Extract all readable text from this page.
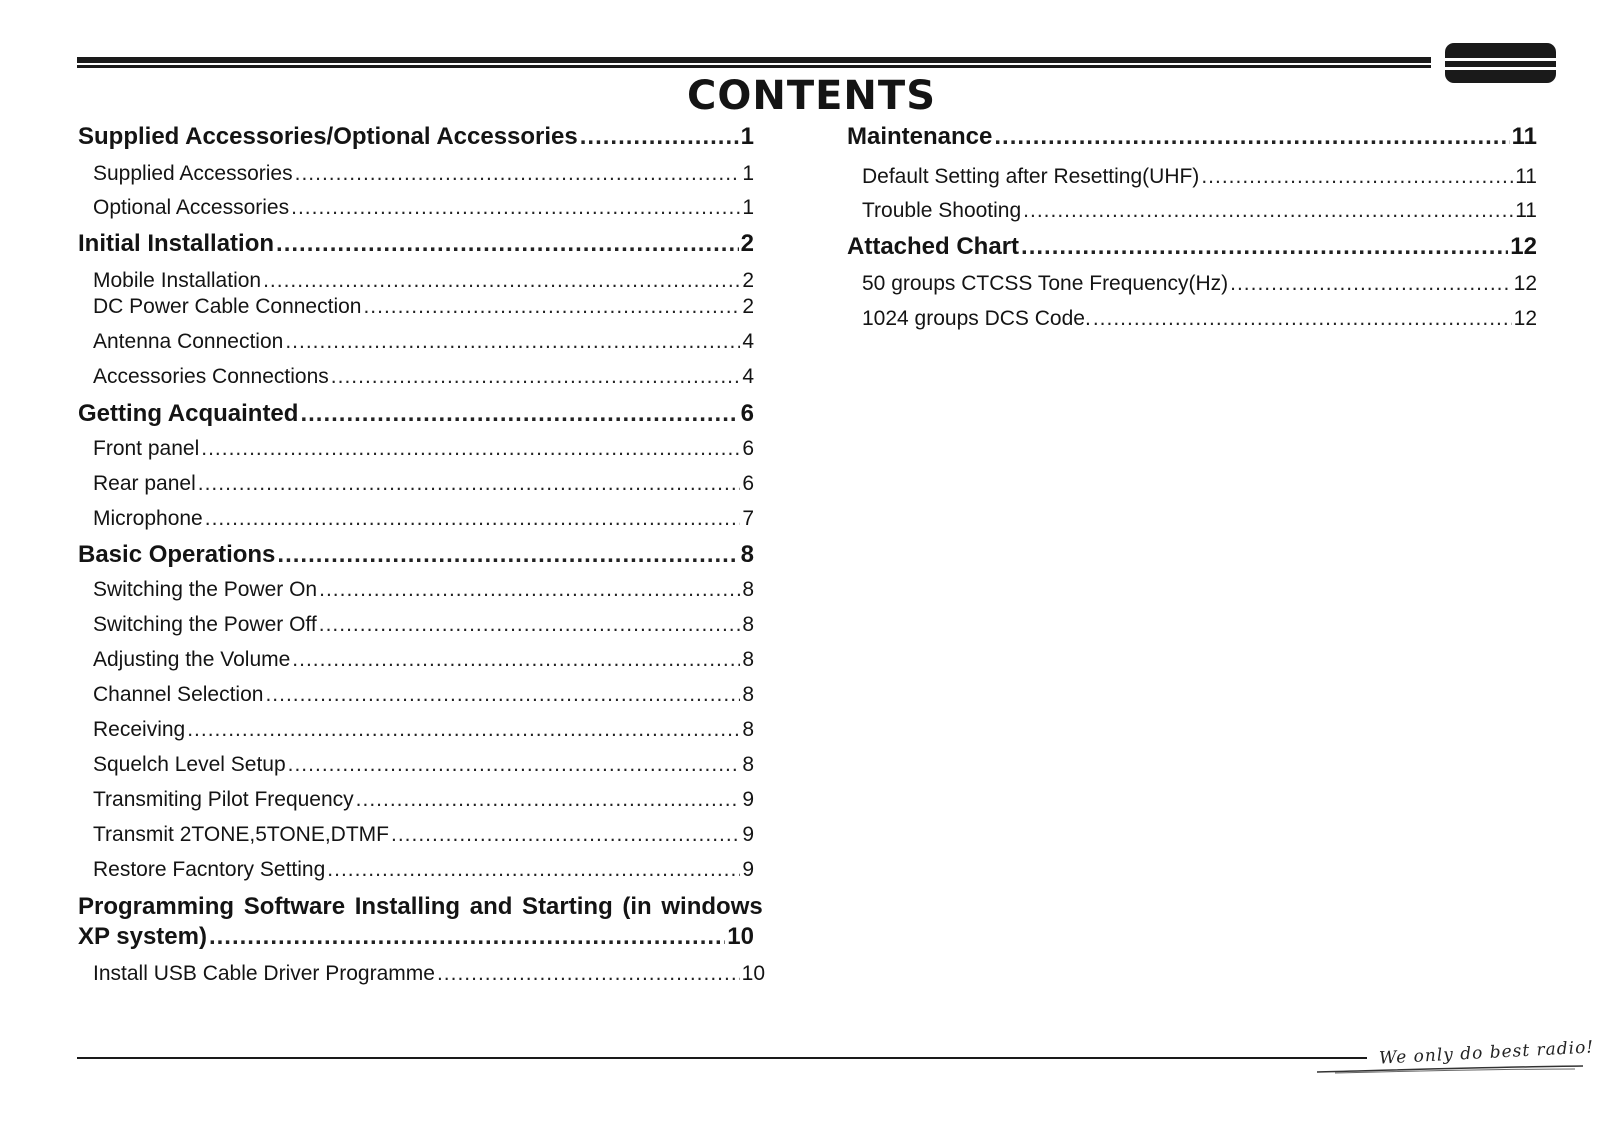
CONTENTS
Supplied Accessories/Optional Accessories .....	1
Supplied Accessories .....	1
Optional Accessories .....	1
Initial Installation .....	2
Mobile Installation .....	2
DC Power Cable Connection .....	2
Antenna Connection .....	4
Accessories Connections .....	4
Getting Acquainted .....	6
Front panel .....	6
Rear panel .....	6
Microphone .....	7
Basic Operations .....	8
Switching the Power On .....	8
Switching the Power Off .....	8
Adjusting the Volume .....	8
Channel Selection .....	8
Receiving .....	8
Squelch Level Setup .....	8
Transmiting Pilot Frequency .....	9
Transmit 2TONE,5TONE,DTMF .....	9
Restore Facntory Setting .....	9
Programming Software Installing and Starting (in windows
XP system) .....	10
Install USB Cable Driver Programme .....	10
Maintenance .....	11
Default Setting after Resetting(UHF) .....	11
Trouble Shooting .....	11
Attached Chart .....	12
50 groups CTCSS Tone Frequency(Hz) .....	12
1024 groups DCS Code. .....	12
We only do best radio!
